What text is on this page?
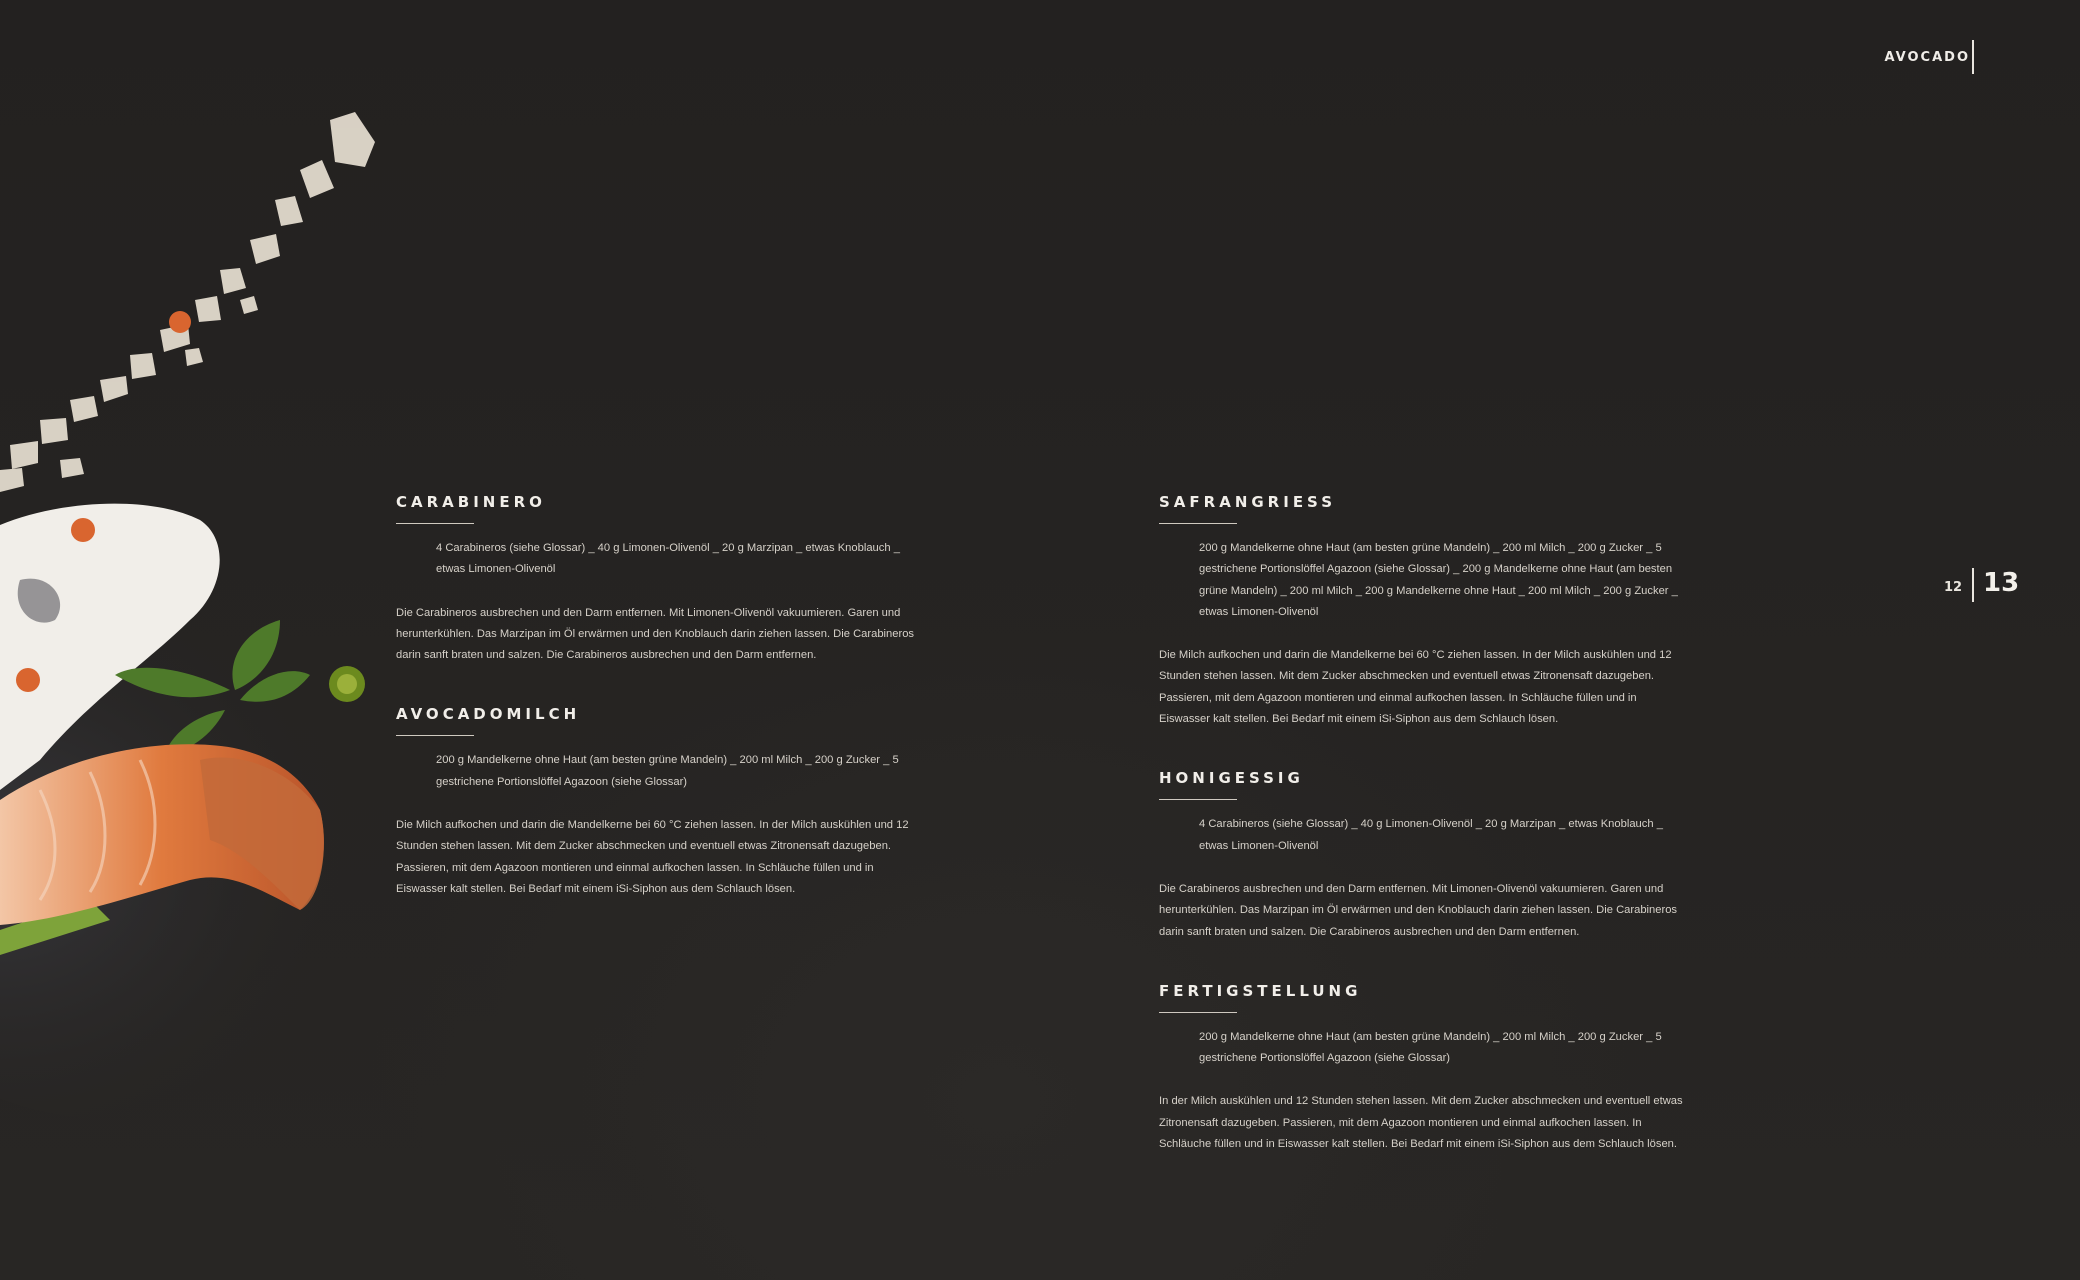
AVOCADO
12 13
CARABINERO

4 Carabineros (siehe Glossar) _ 40 g Limonen-Olivenöl _ 20 g Marzipan _ etwas Knoblauch _ etwas Limonen-Olivenöl

Die Carabineros ausbrechen und den Darm entfernen. Mit Limonen-Olivenöl vakuumieren. Garen und herunterkühlen. Das Marzipan im Öl erwärmen und den Knoblauch darin ziehen lassen. Die Carabineros darin sanft braten und salzen. Die Carabineros ausbrechen und den Darm entfernen.

AVOCADOMILCH

200 g Mandelkerne ohne Haut (am besten grüne Mandeln) _ 200 ml Milch _ 200 g Zucker _ 5 gestrichene Portionslöffel Agazoon (siehe Glossar)

Die Milch aufkochen und darin die Mandelkerne bei 60 °C ziehen lassen. In der Milch auskühlen und 12 Stunden stehen lassen. Mit dem Zucker abschmecken und eventuell etwas Zitronensaft dazugeben. Passieren, mit dem Agazoon montieren und einmal aufkochen lassen. In Schläuche füllen und in Eiswasser kalt stellen. Bei Bedarf mit einem iSi-Siphon aus dem Schlauch lösen.

SAFRANGRIESS

200 g Mandelkerne ohne Haut (am besten grüne Mandeln) _ 200 ml Milch _ 200 g Zucker _ 5 gestrichene Portionslöffel Agazoon (siehe Glossar) _ 200 g Mandelkerne ohne Haut (am besten grüne Mandeln) _ 200 ml Milch _ 200 g Mandelkerne ohne Haut _ 200 ml Milch _ 200 g Zucker _ etwas Limonen-Olivenöl

Die Milch aufkochen und darin die Mandelkerne bei 60 °C ziehen lassen. In der Milch auskühlen und 12 Stunden stehen lassen. Mit dem Zucker abschmecken und eventuell etwas Zitronensaft dazugeben. Passieren, mit dem Agazoon montieren und einmal aufkochen lassen. In Schläuche füllen und in Eiswasser kalt stellen. Bei Bedarf mit einem iSi-Siphon aus dem Schlauch lösen.

HONIGESSIG

4 Carabineros (siehe Glossar) _ 40 g Limonen-Olivenöl _ 20 g Marzipan _ etwas Knoblauch _ etwas Limonen-Olivenöl

Die Carabineros ausbrechen und den Darm entfernen. Mit Limonen-Olivenöl vakuumieren. Garen und herunterkühlen. Das Marzipan im Öl erwärmen und den Knoblauch darin ziehen lassen. Die Carabineros darin sanft braten und salzen. Die Carabineros ausbrechen und den Darm entfernen.

FERTIGSTELLUNG

200 g Mandelkerne ohne Haut (am besten grüne Mandeln) _ 200 ml Milch _ 200 g Zucker _ 5 gestrichene Portionslöffel Agazoon (siehe Glossar)

In der Milch auskühlen und 12 Stunden stehen lassen. Mit dem Zucker abschmecken und eventuell etwas Zitronensaft dazugeben. Passieren, mit dem Agazoon montieren und einmal aufkochen lassen. In Schläuche füllen und in Eiswasser kalt stellen. Bei Bedarf mit einem iSi-Siphon aus dem Schlauch lösen.
